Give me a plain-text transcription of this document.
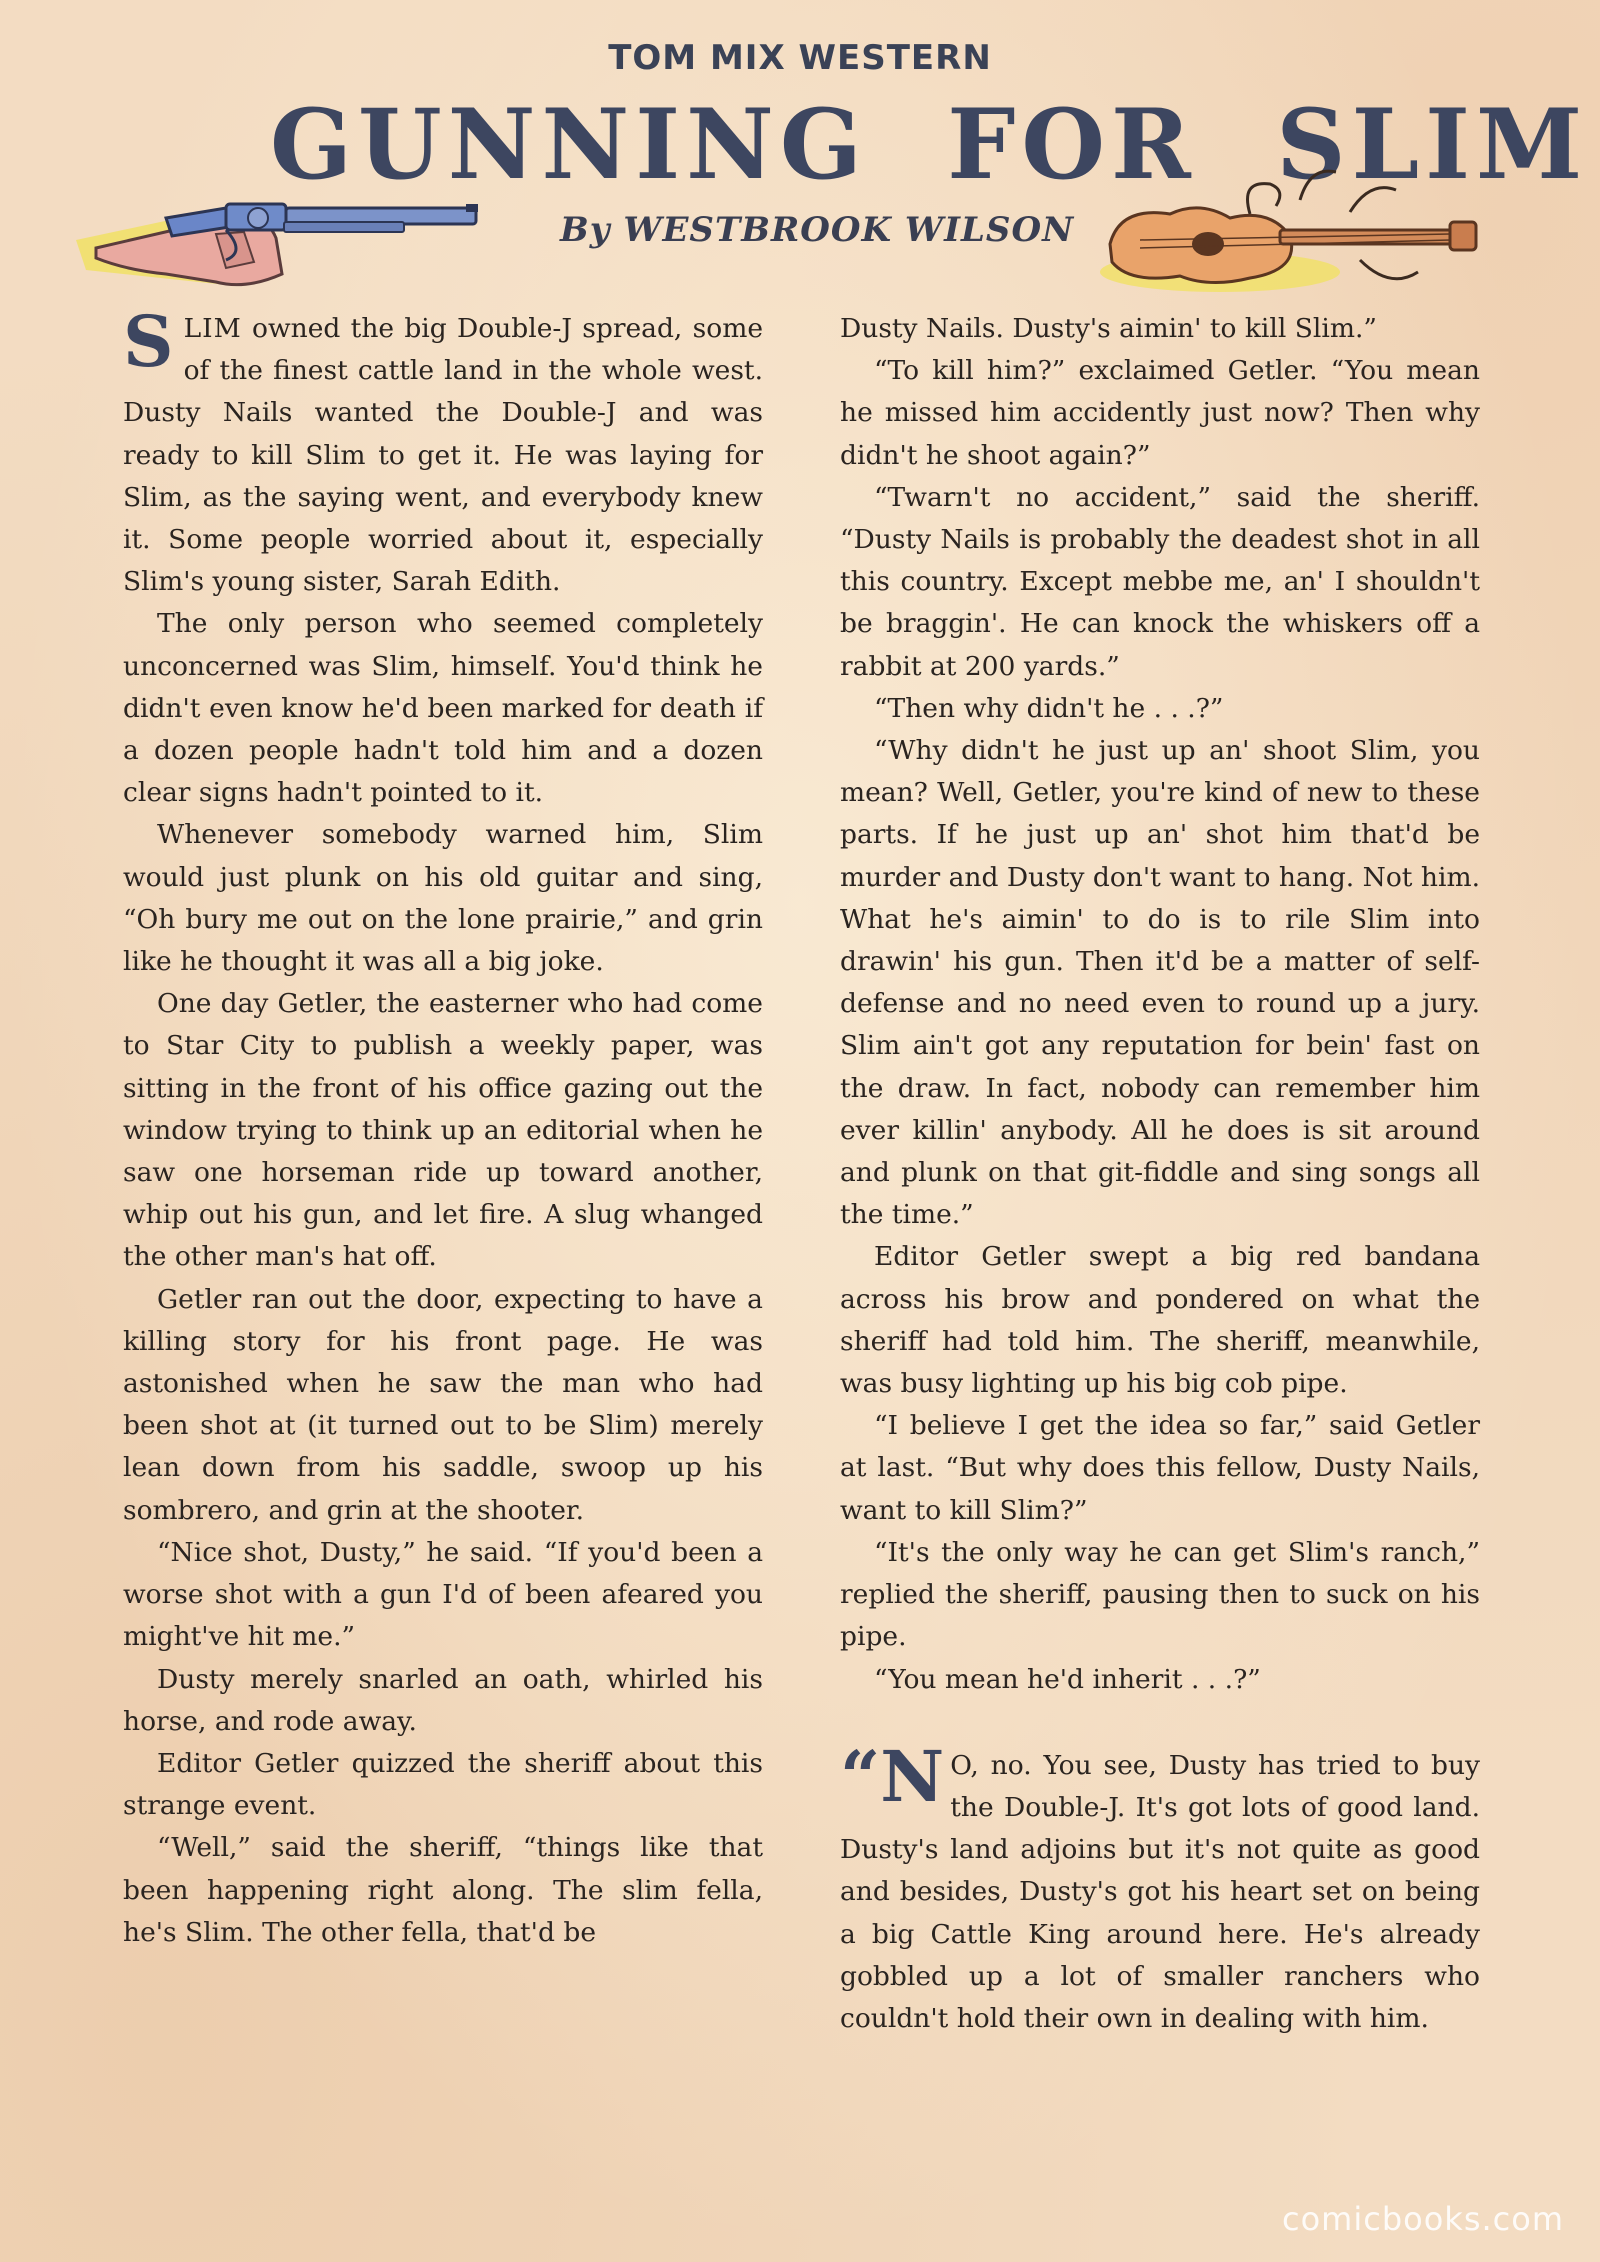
TOM MIX WESTERN
GUNNING FOR SLIM
By WESTBROOK WILSON

SLIM owned the big Double-J spread, some of the finest cattle land in the whole west. Dusty Nails wanted the Double-J and was ready to kill Slim to get it. He was laying for Slim, as the saying went, and everybody knew it. Some people worried about it, especially Slim's young sister, Sarah Edith.

The only person who seemed completely unconcerned was Slim, himself. You'd think he didn't even know he'd been marked for death if a dozen people hadn't told him and a dozen clear signs hadn't pointed to it.

Whenever somebody warned him, Slim would just plunk on his old guitar and sing, “Oh bury me out on the lone prairie,” and grin like he thought it was all a big joke.

One day Getler, the easterner who had come to Star City to publish a weekly paper, was sitting in the front of his office gazing out the window trying to think up an editorial when he saw one horseman ride up toward another, whip out his gun, and let fire. A slug whanged the other man's hat off.

Getler ran out the door, expecting to have a killing story for his front page. He was astonished when he saw the man who had been shot at (it turned out to be Slim) merely lean down from his saddle, swoop up his sombrero, and grin at the shooter.

“Nice shot, Dusty,” he said. “If you'd been a worse shot with a gun I'd of been afeared you might've hit me.”

Dusty merely snarled an oath, whirled his horse, and rode away.

Editor Getler quizzed the sheriff about this strange event.

“Well,” said the sheriff, “things like that been happening right along. The slim fella, he's Slim. The other fella, that'd be

Dusty Nails. Dusty's aimin' to kill Slim.”

“To kill him?” exclaimed Getler. “You mean he missed him accidently just now? Then why didn't he shoot again?”

“Twarn't no accident,” said the sheriff. “Dusty Nails is probably the deadest shot in all this country. Except mebbe me, an' I shouldn't be braggin'. He can knock the whiskers off a rabbit at 200 yards.”

“Then why didn't he . . .?”

“Why didn't he just up an' shoot Slim, you mean? Well, Getler, you're kind of new to these parts. If he just up an' shot him that'd be murder and Dusty don't want to hang. Not him. What he's aimin' to do is to rile Slim into drawin' his gun. Then it'd be a matter of self-defense and no need even to round up a jury. Slim ain't got any reputation for bein' fast on the draw. In fact, nobody can remember him ever killin' anybody. All he does is sit around and plunk on that git-fiddle and sing songs all the time.”

Editor Getler swept a big red bandana across his brow and pondered on what the sheriff had told him. The sheriff, meanwhile, was busy lighting up his big cob pipe.

“I believe I get the idea so far,” said Getler at last. “But why does this fellow, Dusty Nails, want to kill Slim?”

“It's the only way he can get Slim's ranch,” replied the sheriff, pausing then to suck on his pipe.

“You mean he'd inherit . . .?”

“N O, no. You see, Dusty has tried to buy the Double-J. It's got lots of good land. Dusty's land adjoins but it's not quite as good and besides, Dusty's got his heart set on being a big Cattle King around here. He's already gobbled up a lot of smaller ranchers who couldn't hold their own in dealing with him.

comicbooks.com
